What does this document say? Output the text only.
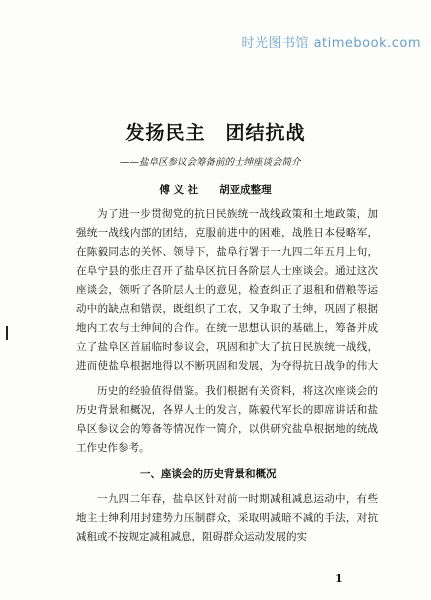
时光图书馆 atimebook.com
发扬民主　团结抗战
——盐阜区参议会筹备前的士绅座谈会简介
傅 义 社　　胡亚成整理

为了进一步贯彻党的抗日民族统一战线政策和土地政策，加强统一战线内部的团结，克服前进中的困难，战胜日本侵略军，在陈毅同志的关怀、领导下，盐阜行署于一九四二年五月上旬，在阜宁县的张庄召开了盐阜区抗日各阶层人士座谈会。通过这次座谈会，领听了各阶层人士的意见，检查纠正了退租和借粮等运动中的缺点和错误，既组织了工农，又争取了士绅，巩固了根据地内工农与士绅间的合作。在统一思想认识的基础上，筹备并成立了盐阜区首届临时参议会，巩固和扩大了抗日民族统一战线，进而使盐阜根据地得以不断巩固和发展，为夺得抗日战争的伟大

历史的经验值得借鉴。我们根据有关资料，将这次座谈会的历史背景和概况，各界人士的发言，陈毅代军长的即席讲话和盐阜区参议会的筹备等情况作一简介，以供研究盐阜根据地的统战工作史作参考。

一、座谈会的历史背景和概况

一九四二年春，盐阜区针对前一时期减租减息运动中，有些地主士绅利用封建势力压制群众，采取明减暗不减的手法，对抗减租或不按规定减租减息，阻碍群众运动发展的实

1
